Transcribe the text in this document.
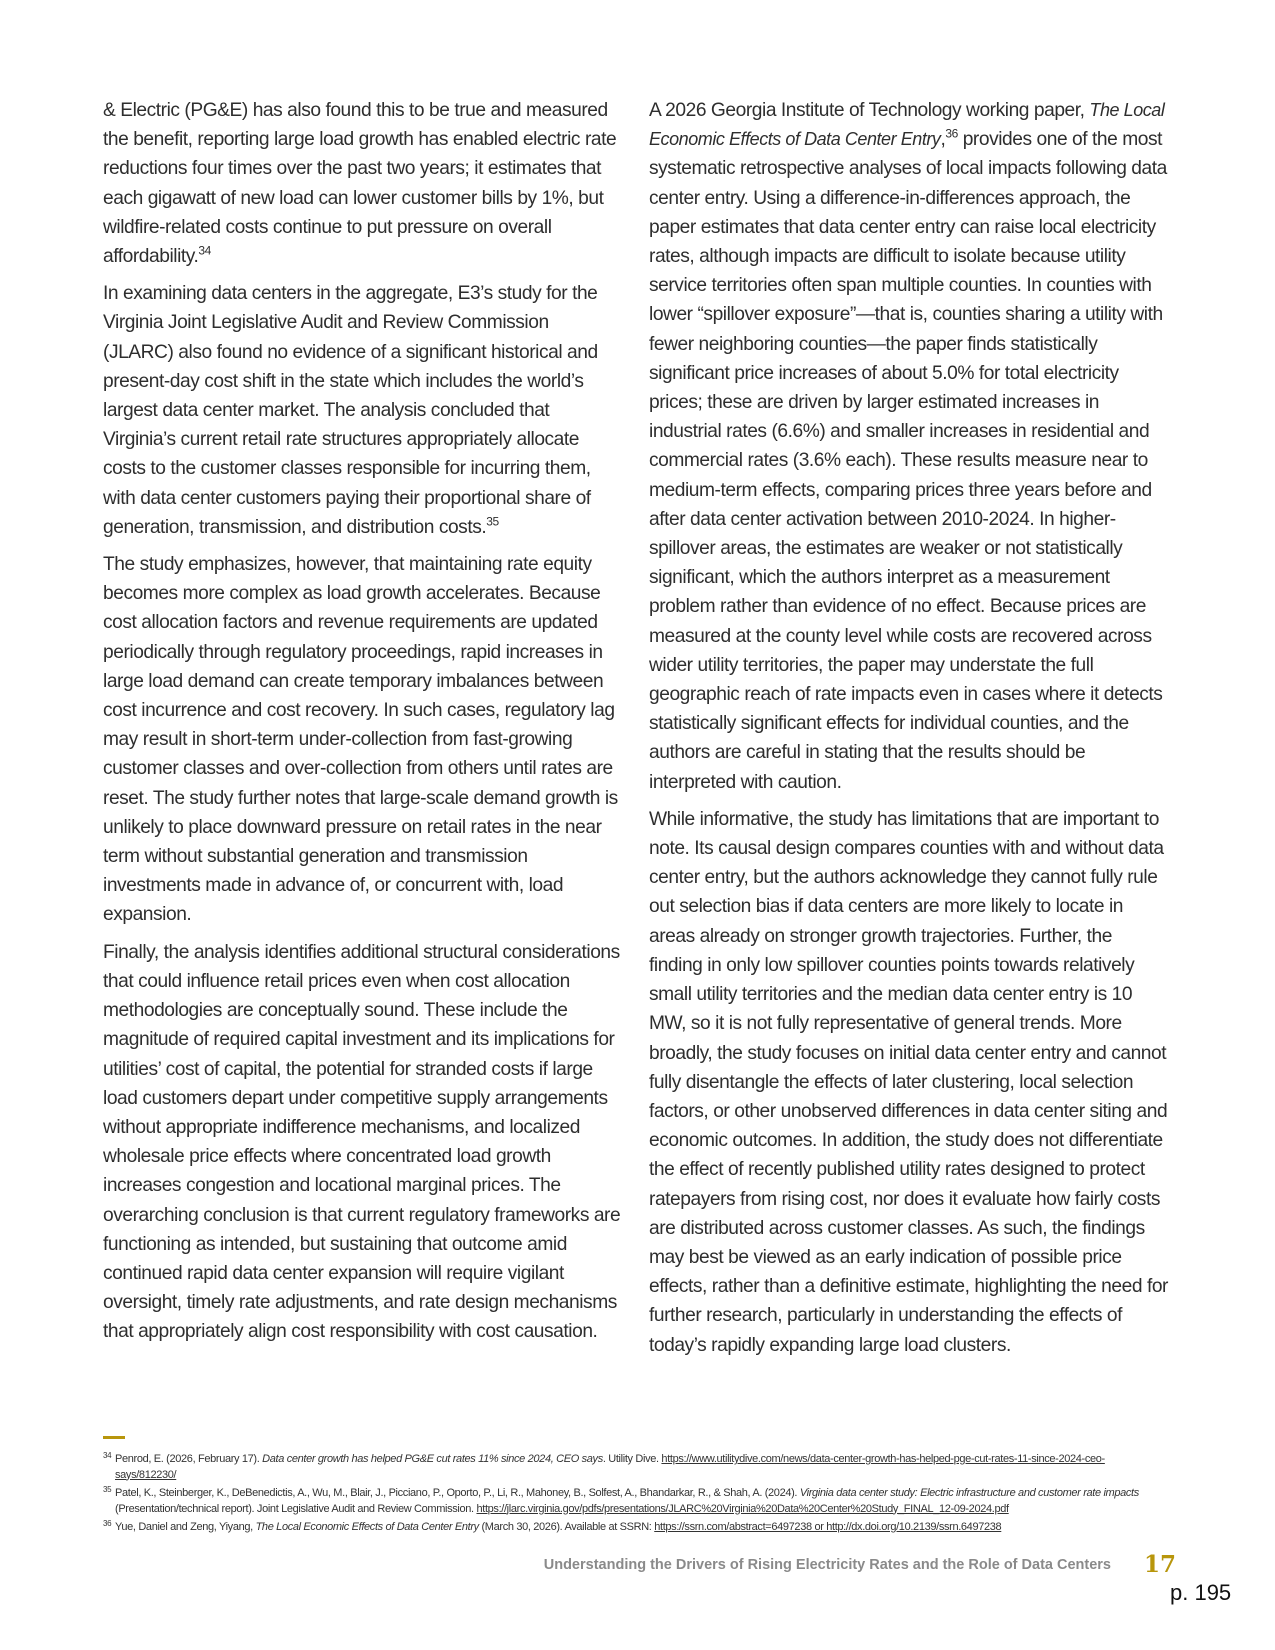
& Electric (PG&E) has also found this to be true and measured the benefit, reporting large load growth has enabled electric rate reductions four times over the past two years; it estimates that each gigawatt of new load can lower customer bills by 1%, but wildfire-related costs continue to put pressure on overall affordability.$^{34}$

In examining data centers in the aggregate, E3’s study for the Virginia Joint Legislative Audit and Review Commission (JLARC) also found no evidence of a significant historical and present-day cost shift in the state which includes the world’s largest data center market. The analysis concluded that Virginia’s current retail rate structures appropriately allocate costs to the customer classes responsible for incurring them, with data center customers paying their proportional share of generation, transmission, and distribution costs.$^{35}$

The study emphasizes, however, that maintaining rate equity becomes more complex as load growth accelerates. Because cost allocation factors and revenue requirements are updated periodically through regulatory proceedings, rapid increases in large load demand can create temporary imbalances between cost incurrence and cost recovery. In such cases, regulatory lag may result in short-term under-collection from fast-growing customer classes and over-collection from others until rates are reset. The study further notes that large-scale demand growth is unlikely to place downward pressure on retail rates in the near term without substantial generation and transmission investments made in advance of, or concurrent with, load expansion.

Finally, the analysis identifies additional structural considerations that could influence retail prices even when cost allocation methodologies are conceptually sound. These include the magnitude of required capital investment and its implications for utilities’ cost of capital, the potential for stranded costs if large load customers depart under competitive supply arrangements without appropriate indifference mechanisms, and localized wholesale price effects where concentrated load growth increases congestion and locational marginal prices. The overarching conclusion is that current regulatory frameworks are functioning as intended, but sustaining that outcome amid continued rapid data center expansion will require vigilant oversight, timely rate adjustments, and rate design mechanisms that appropriately align cost responsibility with cost causation.

A 2026 Georgia Institute of Technology working paper, The Local Economic Effects of Data Center Entry,$^{36}$ provides one of the most systematic retrospective analyses of local impacts following data center entry. Using a difference-in-differences approach, the paper estimates that data center entry can raise local electricity rates, although impacts are difficult to isolate because utility service territories often span multiple counties. In counties with lower “spillover exposure”—that is, counties sharing a utility with fewer neighboring counties—the paper finds statistically significant price increases of about 5.0% for total electricity prices; these are driven by larger estimated increases in industrial rates (6.6%) and smaller increases in residential and commercial rates (3.6% each). These results measure near to medium-term effects, comparing prices three years before and after data center activation between 2010-2024. In higher-spillover areas, the estimates are weaker or not statistically significant, which the authors interpret as a measurement problem rather than evidence of no effect. Because prices are measured at the county level while costs are recovered across wider utility territories, the paper may understate the full geographic reach of rate impacts even in cases where it detects statistically significant effects for individual counties, and the authors are careful in stating that the results should be interpreted with caution.

While informative, the study has limitations that are important to note. Its causal design compares counties with and without data center entry, but the authors acknowledge they cannot fully rule out selection bias if data centers are more likely to locate in areas already on stronger growth trajectories. Further, the finding in only low spillover counties points towards relatively small utility territories and the median data center entry is 10 MW, so it is not fully representative of general trends. More broadly, the study focuses on initial data center entry and cannot fully disentangle the effects of later clustering, local selection factors, or other unobserved differences in data center siting and economic outcomes. In addition, the study does not differentiate the effect of recently published utility rates designed to protect ratepayers from rising cost, nor does it evaluate how fairly costs are distributed across customer classes. As such, the findings may best be viewed as an early indication of possible price effects, rather than a definitive estimate, highlighting the need for further research, particularly in understanding the effects of today’s rapidly expanding large load clusters.

34 Penrod, E. (2026, February 17). Data center growth has helped PG&E cut rates 11% since 2024, CEO says. Utility Dive. https://www.utilitydive.com/news/data-center-growth-has-helped-pge-cut-rates-11-since-2024-ceo-says/812230/
35 Patel, K., Steinberger, K., DeBenedictis, A., Wu, M., Blair, J., Picciano, P., Oporto, P., Li, R., Mahoney, B., Solfest, A., Bhandarkar, R., & Shah, A. (2024). Virginia data center study: Electric infrastructure and customer rate impacts (Presentation/technical report). Joint Legislative Audit and Review Commission. https://jlarc.virginia.gov/pdfs/presentations/JLARC%20Virginia%20Data%20Center%20Study_FINAL_12-09-2024.pdf
36 Yue, Daniel and Zeng, Yiyang, The Local Economic Effects of Data Center Entry (March 30, 2026). Available at SSRN: https://ssrn.com/abstract=6497238 or http://dx.doi.org/10.2139/ssrn.6497238
Understanding the Drivers of Rising Electricity Rates and the Role of Data Centers 17
p. 195
